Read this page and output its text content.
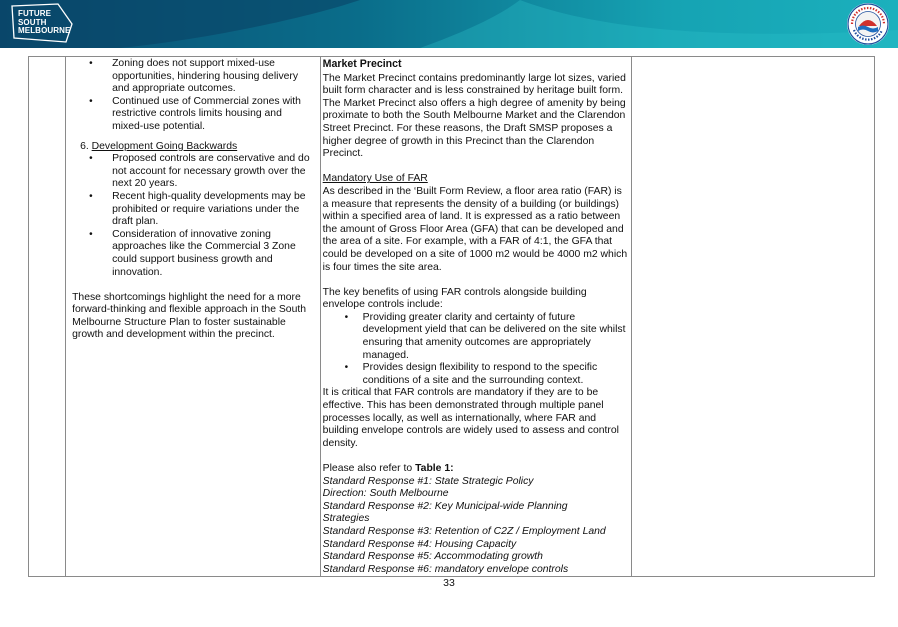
FUTURE
SOUTH
MELBOURNE

• Zoning does not support mixed-use opportunities, hindering housing delivery and appropriate outcomes.
• Continued use of Commercial zones with restrictive controls limits housing and mixed-use potential.
6. Development Going Backwards
• Proposed controls are conservative and do not account for necessary growth over the next 20 years.
• Recent high-quality developments may be prohibited or require variations under the draft plan.
• Consideration of innovative zoning approaches like the Commercial 3 Zone could support business growth and innovation.
These shortcomings highlight the need for a more forward-thinking and flexible approach in the South Melbourne Structure Plan to foster sustainable growth and development within the precinct.

Market Precinct
The Market Precinct contains predominantly large lot sizes, varied built form character and is less constrained by heritage built form. The Market Precinct also offers a high degree of amenity by being proximate to both the South Melbourne Market and the Clarendon Street Precinct. For these reasons, the Draft SMSP proposes a higher degree of growth in this Precinct than the Clarendon Precinct.
Mandatory Use of FAR
As described in the ‘Built Form Review, a floor area ratio (FAR) is a measure that represents the density of a building (or buildings) within a specified area of land. It is expressed as a ratio between the amount of Gross Floor Area (GFA) that can be developed and the area of a site. For example, with a FAR of 4:1, the GFA that could be developed on a site of 1000 m2 would be 4000 m2 which is four times the site area.
The key benefits of using FAR controls alongside building envelope controls include:
• Providing greater clarity and certainty of future development yield that can be delivered on the site whilst ensuring that amenity outcomes are appropriately managed.
• Provides design flexibility to respond to the specific conditions of a site and the surrounding context.
It is critical that FAR controls are mandatory if they are to be effective. This has been demonstrated through multiple panel processes locally, as well as internationally, where FAR and building envelope controls are widely used to assess and control density.
Please also refer to Table 1:
Standard Response #1: State Strategic Policy
Direction: South Melbourne
Standard Response #2: Key Municipal-wide Planning
Strategies
Standard Response #3: Retention of C2Z / Employment Land
Standard Response #4: Housing Capacity
Standard Response #5: Accommodating growth
Standard Response #6: mandatory envelope controls

33
